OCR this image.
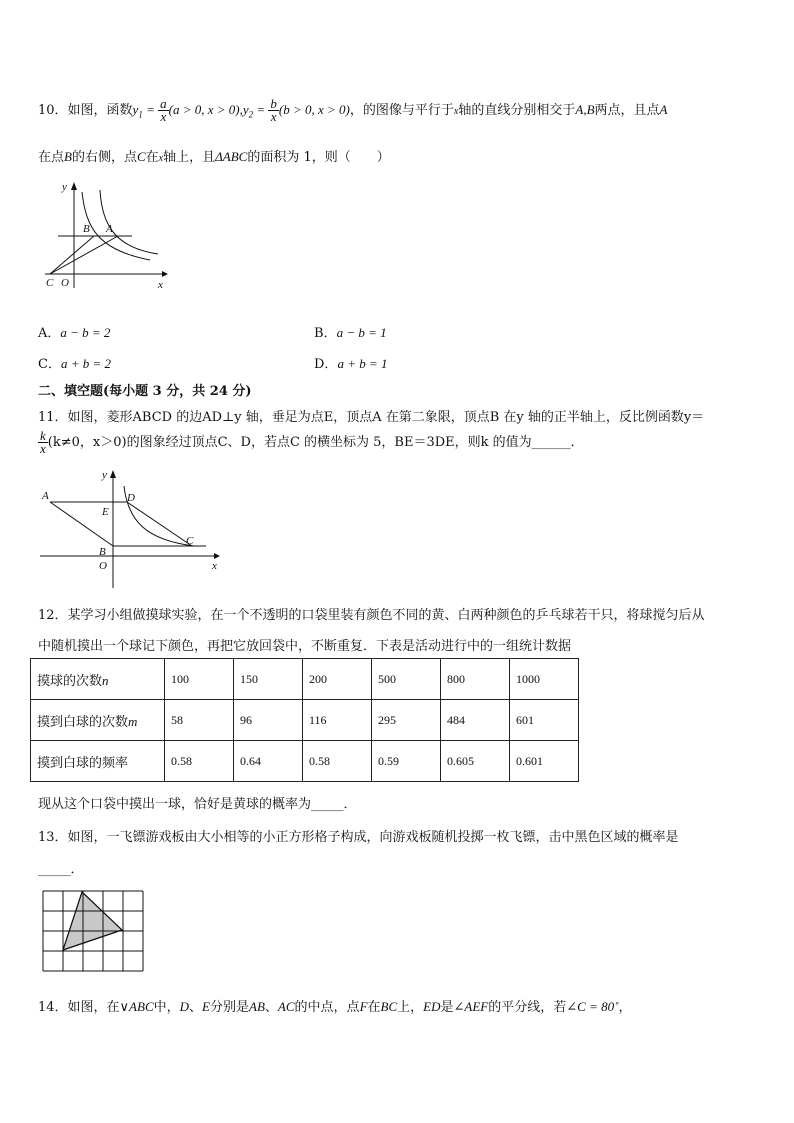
10．如图，函数$y_1 = \frac{a}{x} (a > 0$, $x > 0),y_2 = \frac{b}{x} (b > 0$, x > 0)，的图像与平行于x轴的直线分别相交于A,B两点，且点A
在点B的右侧，点C在x轴上，且ΔABC的面积为 1，则（　　）
y
x
B A
C O
A．a − b = 2	B．a − b = 1
C．a + b = 2	D．a + b = 1
二、填空题(每小题 3 分，共 24 分)
11．如图，菱形ABCD 的边AD⊥y 轴，垂足为点E，顶点A 在第二象限，顶点B 在y 轴的正半轴上，反比例函数y＝
$\frac{k}{x} (k\ne 0$，x＞0)的图象经过顶点C、D，若点C 的横坐标为 5，BE＝3DE，则k 的值为______．
A
y
D
E
B
O
C
x
12．某学习小组做摸球实验，在一个不透明的口袋里装有颜色不同的黄、白两种颜色的乒乓球若干只，将球搅匀后从
中随机摸出一个球记下颜色，再把它放回袋中，不断重复．下表是活动进行中的一组统计数据
摸球的次数n	100	150	200	500	800	1000
摸到白球的次数m	58	96	116	295	484	601
摸到白球的频率	0.58	0.64	0.58	0.59	0.605	0.601
现从这个口袋中摸出一球，恰好是黄球的概率为_____．
13．如图，一飞镖游戏板由大小相等的小正方形格子构成，向游戏板随机投掷一枚飞镖，击中黑色区域的概率是
_____．
14．如图，在∨ABC中，D、E分别是AB、AC的中点，点F在BC上，ED是∠AEF的平分线，若∠C = 80˚，
